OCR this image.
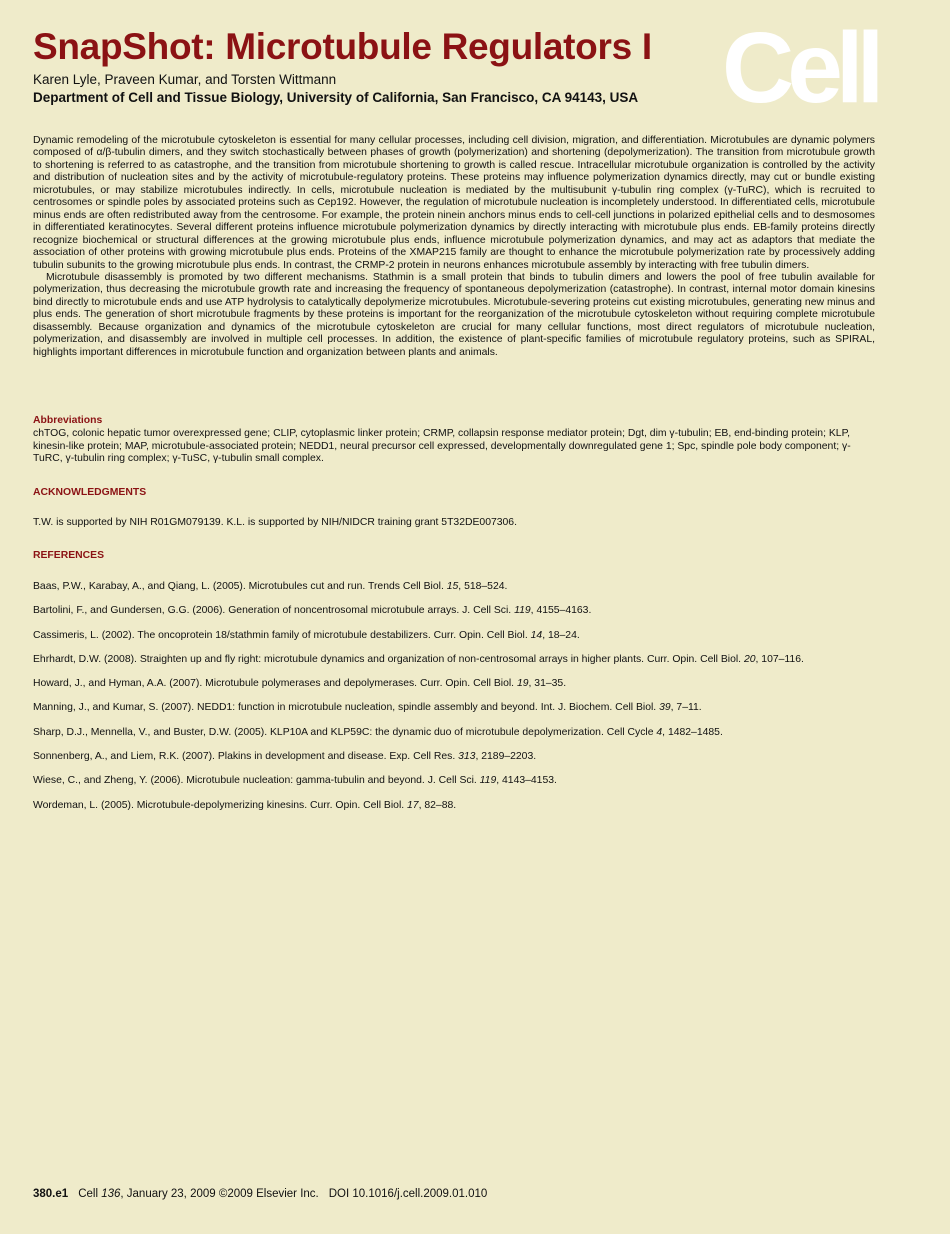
SnapShot: Microtubule Regulators I
Karen Lyle, Praveen Kumar, and Torsten Wittmann
Department of Cell and Tissue Biology, University of California, San Francisco, CA 94143, USA Cell

Dynamic remodeling of the microtubule cytoskeleton is essential for many cellular processes, including cell division, migration, and differentiation. Microtubules are dynamic polymers composed of α/β-tubulin dimers, and they switch stochastically between phases of growth (polymerization) and shortening (depolymerization). The transition from microtubule growth to shortening is referred to as catastrophe, and the transition from microtubule shortening to growth is called rescue. Intracellular microtubule organization is controlled by the activity and distribution of nucleation sites and by the activity of microtubule-regulatory proteins. These proteins may influence polymerization dynamics directly, may cut or bundle existing microtubules, or may stabilize microtubules indirectly. In cells, microtubule nucleation is mediated by the multisubunit γ-tubulin ring complex (γ-TuRC), which is recruited to centrosomes or spindle poles by associated proteins such as Cep192. However, the regulation of microtubule nucleation is incompletely understood. In differentiated cells, microtubule minus ends are often redistributed away from the centrosome. For example, the protein ninein anchors minus ends to cell-cell junctions in polarized epithelial cells and to desmosomes in differentiated keratinocytes. Several different proteins influence microtubule polymerization dynamics by directly interacting with microtubule plus ends. EB-family proteins directly recognize biochemical or structural differences at the growing microtubule plus ends, influence microtubule polymerization dynamics, and may act as adaptors that mediate the association of other proteins with growing microtubule plus ends. Proteins of the XMAP215 family are thought to enhance the microtubule polymerization rate by processively adding tubulin subunits to the growing microtubule plus ends. In contrast, the CRMP-2 protein in neurons enhances microtubule assembly by interacting with free tubulin dimers.

Microtubule disassembly is promoted by two different mechanisms. Stathmin is a small protein that binds to tubulin dimers and lowers the pool of free tubulin available for polymerization, thus decreasing the microtubule growth rate and increasing the frequency of spontaneous depolymerization (catastrophe). In contrast, internal motor domain kinesins bind directly to microtubule ends and use ATP hydrolysis to catalytically depolymerize microtubules. Microtubule-severing proteins cut existing microtubules, generating new minus and plus ends. The generation of short microtubule fragments by these proteins is important for the reorganization of the microtubule cytoskeleton without requiring complete microtubule disassembly. Because organization and dynamics of the microtubule cytoskeleton are crucial for many cellular functions, most direct regulators of microtubule nucleation, polymerization, and disassembly are involved in multiple cell processes. In addition, the existence of plant-specific families of microtubule regulatory proteins, such as SPIRAL, highlights important differences in microtubule function and organization between plants and animals.

Abbreviations
chTOG, colonic hepatic tumor overexpressed gene; CLIP, cytoplasmic linker protein; CRMP, collapsin response mediator protein; Dgt, dim γ-tubulin; EB, end-binding protein; KLP, kinesin-like protein; MAP, microtubule-associated protein; NEDD1, neural precursor cell expressed, developmentally downregulated gene 1; Spc, spindle pole body component; γ-TuRC, γ-tubulin ring complex; γ-TuSC, γ-tubulin small complex.
ACKNOWLEDGMENTS
T.W. is supported by NIH R01GM079139. K.L. is supported by NIH/NIDCR training grant 5T32DE007306.
REFERENCES
Baas, P.W., Karabay, A., and Qiang, L. (2005). Microtubules cut and run. Trends Cell Biol. 15, 518–524.
Bartolini, F., and Gundersen, G.G. (2006). Generation of noncentrosomal microtubule arrays. J. Cell Sci. 119, 4155–4163.
Cassimeris, L. (2002). The oncoprotein 18/stathmin family of microtubule destabilizers. Curr. Opin. Cell Biol. 14, 18–24.
Ehrhardt, D.W. (2008). Straighten up and fly right: microtubule dynamics and organization of non-centrosomal arrays in higher plants. Curr. Opin. Cell Biol. 20, 107–116.
Howard, J., and Hyman, A.A. (2007). Microtubule polymerases and depolymerases. Curr. Opin. Cell Biol. 19, 31–35.
Manning, J., and Kumar, S. (2007). NEDD1: function in microtubule nucleation, spindle assembly and beyond. Int. J. Biochem. Cell Biol. 39, 7–11.
Sharp, D.J., Mennella, V., and Buster, D.W. (2005). KLP10A and KLP59C: the dynamic duo of microtubule depolymerization. Cell Cycle 4, 1482–1485.
Sonnenberg, A., and Liem, R.K. (2007). Plakins in development and disease. Exp. Cell Res. 313, 2189–2203.
Wiese, C., and Zheng, Y. (2006). Microtubule nucleation: gamma-tubulin and beyond. J. Cell Sci. 119, 4143–4153.
Wordeman, L. (2005). Microtubule-depolymerizing kinesins. Curr. Opin. Cell Biol. 17, 82–88.
380.e1 Cell 136, January 23, 2009 ©2009 Elsevier Inc. DOI 10.1016/j.cell.2009.01.010
